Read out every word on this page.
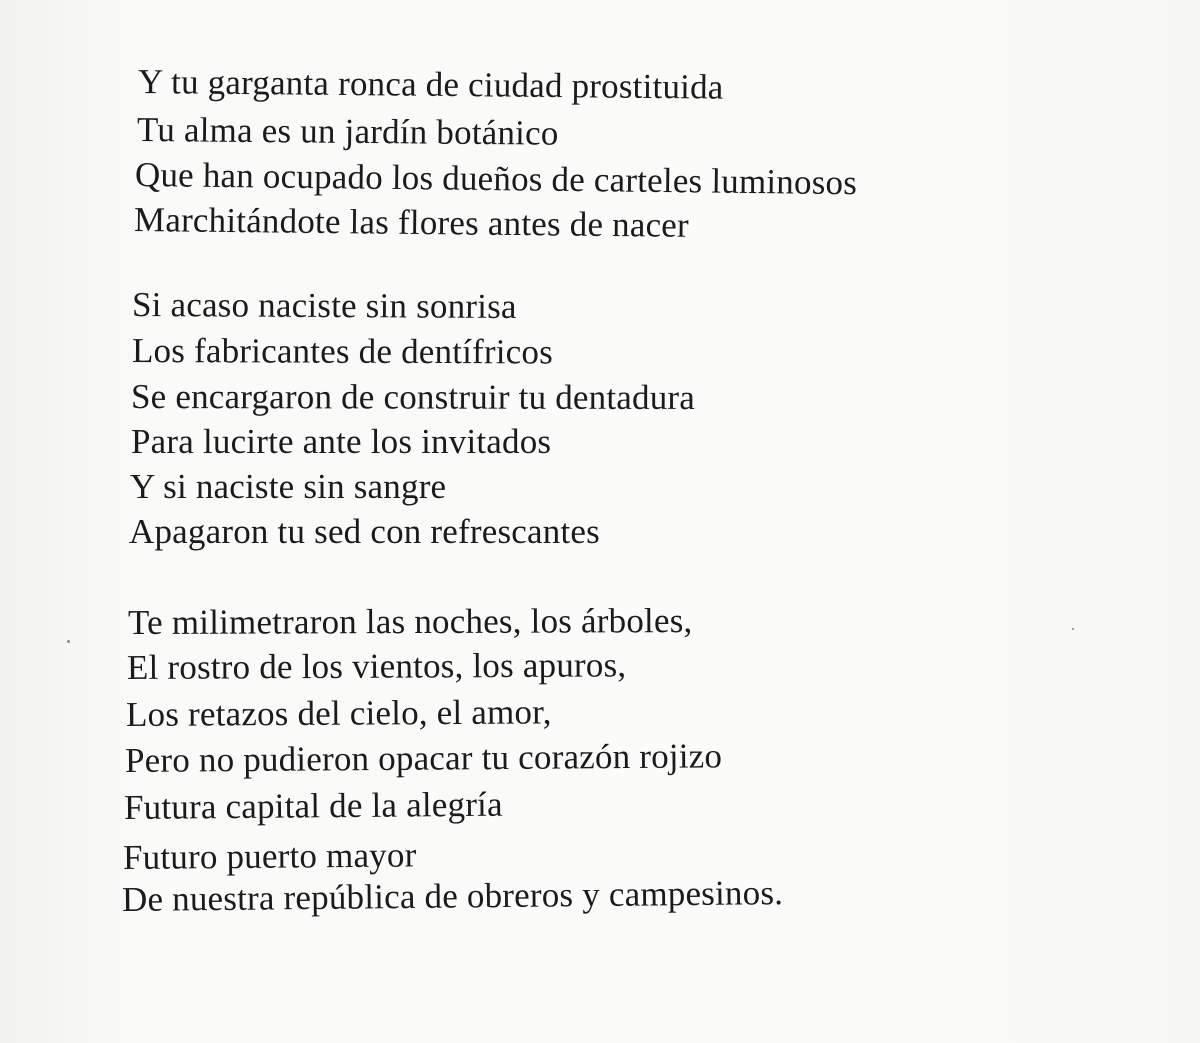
Y tu garganta ronca de ciudad prostituida
Tu alma es un jardín botánico
Que han ocupado los dueños de carteles luminosos
Marchitándote las flores antes de nacer
Si acaso naciste sin sonrisa
Los fabricantes de dentífricos
Se encargaron de construir tu dentadura
Para lucirte ante los invitados
Y si naciste sin sangre
Apagaron tu sed con refrescantes
Te milimetraron las noches, los árboles,
El rostro de los vientos, los apuros,
Los retazos del cielo, el amor,
Pero no pudieron opacar tu corazón rojizo
Futura capital de la alegría
Futuro puerto mayor
De nuestra república de obreros y campesinos.
